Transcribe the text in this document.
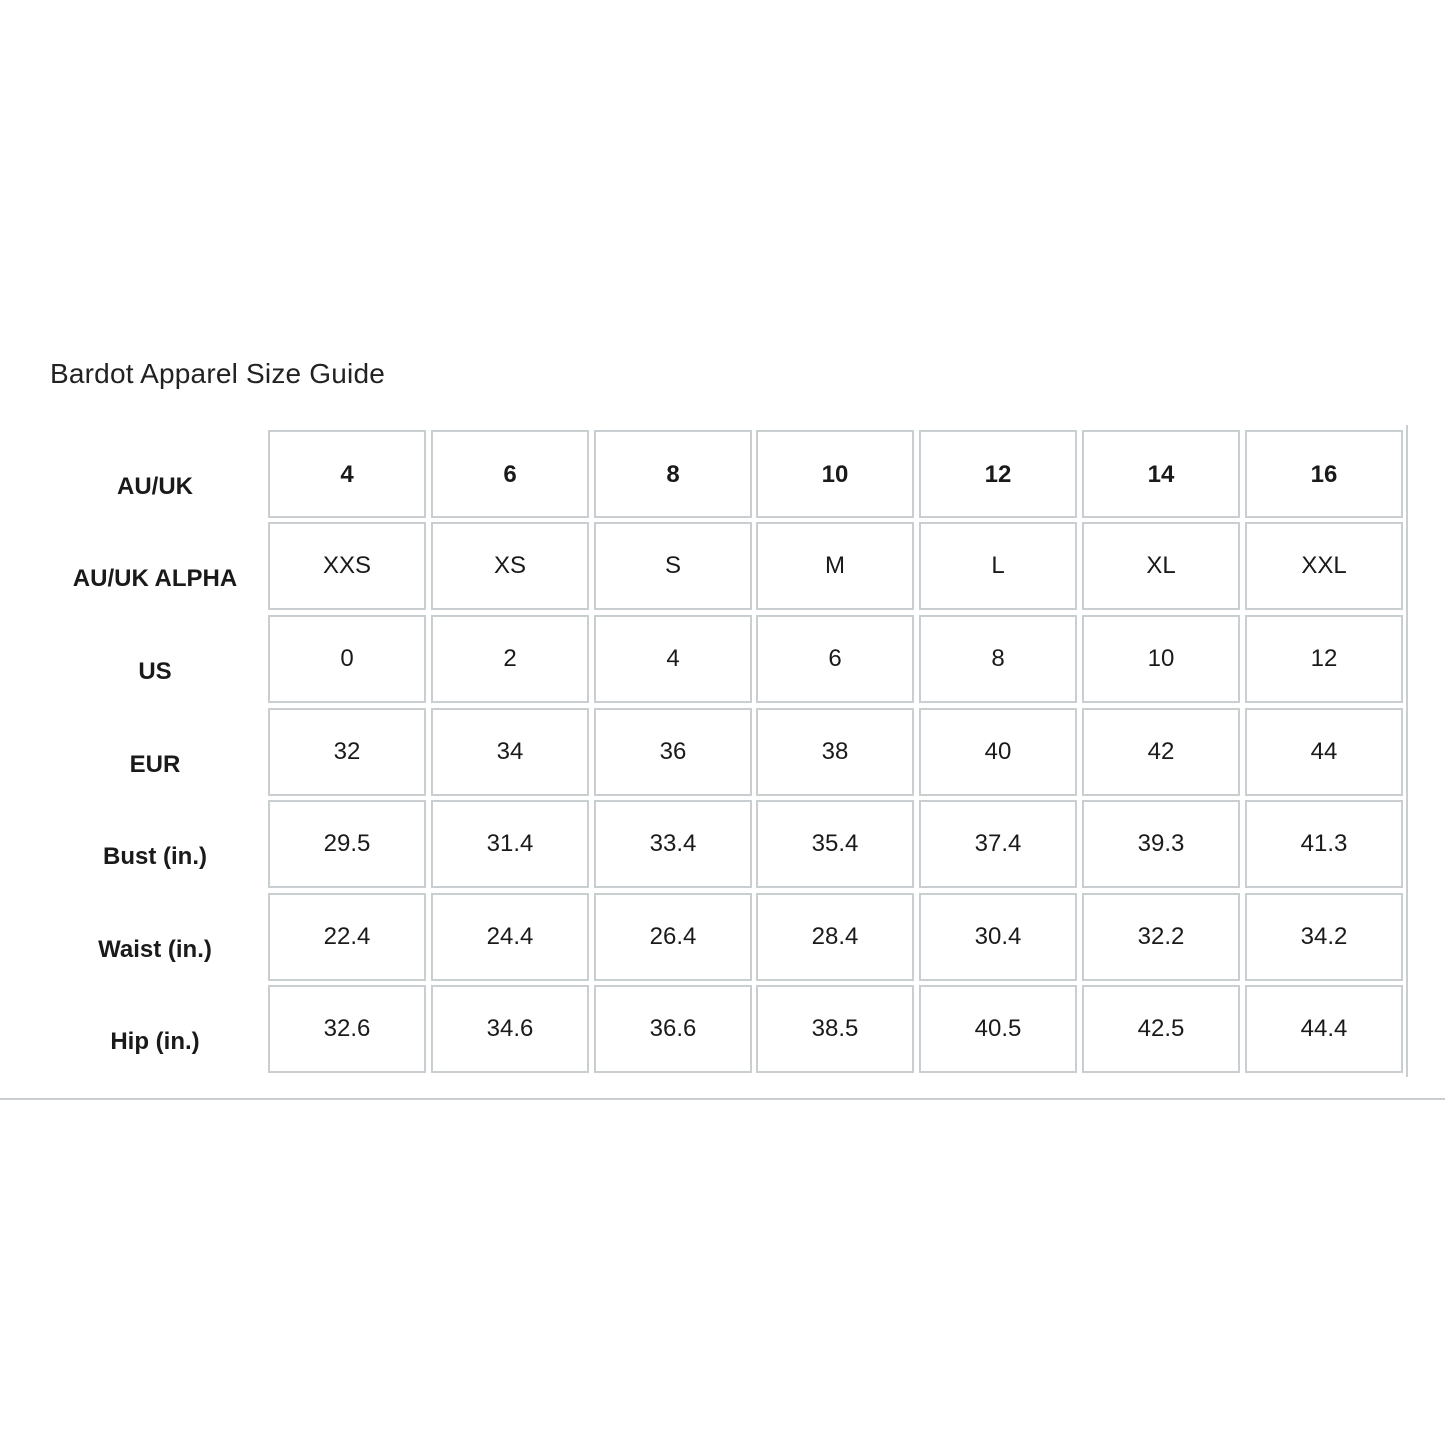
Bardot Apparel Size Guide
AU/UK	4	6	8	10	12	14	16
AU/UK ALPHA	XXS	XS	S	M	L	XL	XXL
US	0	2	4	6	8	10	12
EUR	32	34	36	38	40	42	44
Bust (in.)	29.5	31.4	33.4	35.4	37.4	39.3	41.3
Waist (in.)	22.4	24.4	26.4	28.4	30.4	32.2	34.2
Hip (in.)	32.6	34.6	36.6	38.5	40.5	42.5	44.4
